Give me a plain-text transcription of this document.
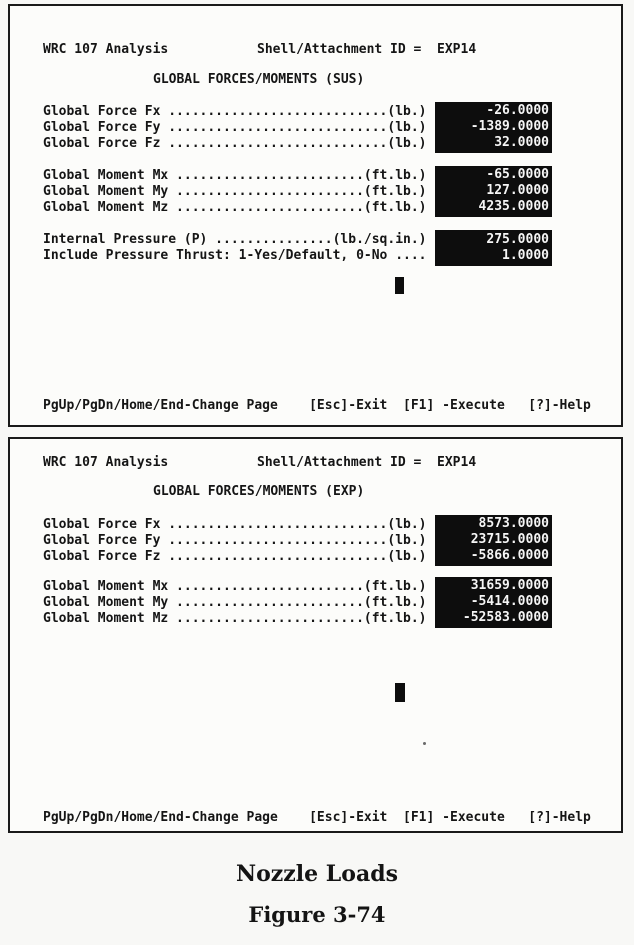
WRC 107 Analysis	Shell/Attachment ID =  EXP14
GLOBAL FORCES/MOMENTS (SUS)
Global Force Fx ............................(lb.)
Global Force Fy ............................(lb.)
Global Force Fz ............................(lb.)
-26.0000
-1389.0000
32.0000
Global Moment Mx ........................(ft.lb.)
Global Moment My ........................(ft.lb.)
Global Moment Mz ........................(ft.lb.)
-65.0000
127.0000
4235.0000
Internal Pressure (P) ...............(lb./sq.in.)
Include Pressure Thrust: 1-Yes/Default, 0-No ....
275.0000
1.0000
PgUp/PgDn/Home/End-Change Page    [Esc]-Exit  [F1] -Execute   [?]-Help
WRC 107 Analysis	Shell/Attachment ID =  EXP14
GLOBAL FORCES/MOMENTS (EXP)
Global Force Fx ............................(lb.)
Global Force Fy ............................(lb.)
Global Force Fz ............................(lb.)
8573.0000
23715.0000
-5866.0000
Global Moment Mx ........................(ft.lb.)
Global Moment My ........................(ft.lb.)
Global Moment Mz ........................(ft.lb.)
31659.0000
-5414.0000
-52583.0000
PgUp/PgDn/Home/End-Change Page    [Esc]-Exit  [F1] -Execute   [?]-Help
Nozzle Loads
Figure 3-74
